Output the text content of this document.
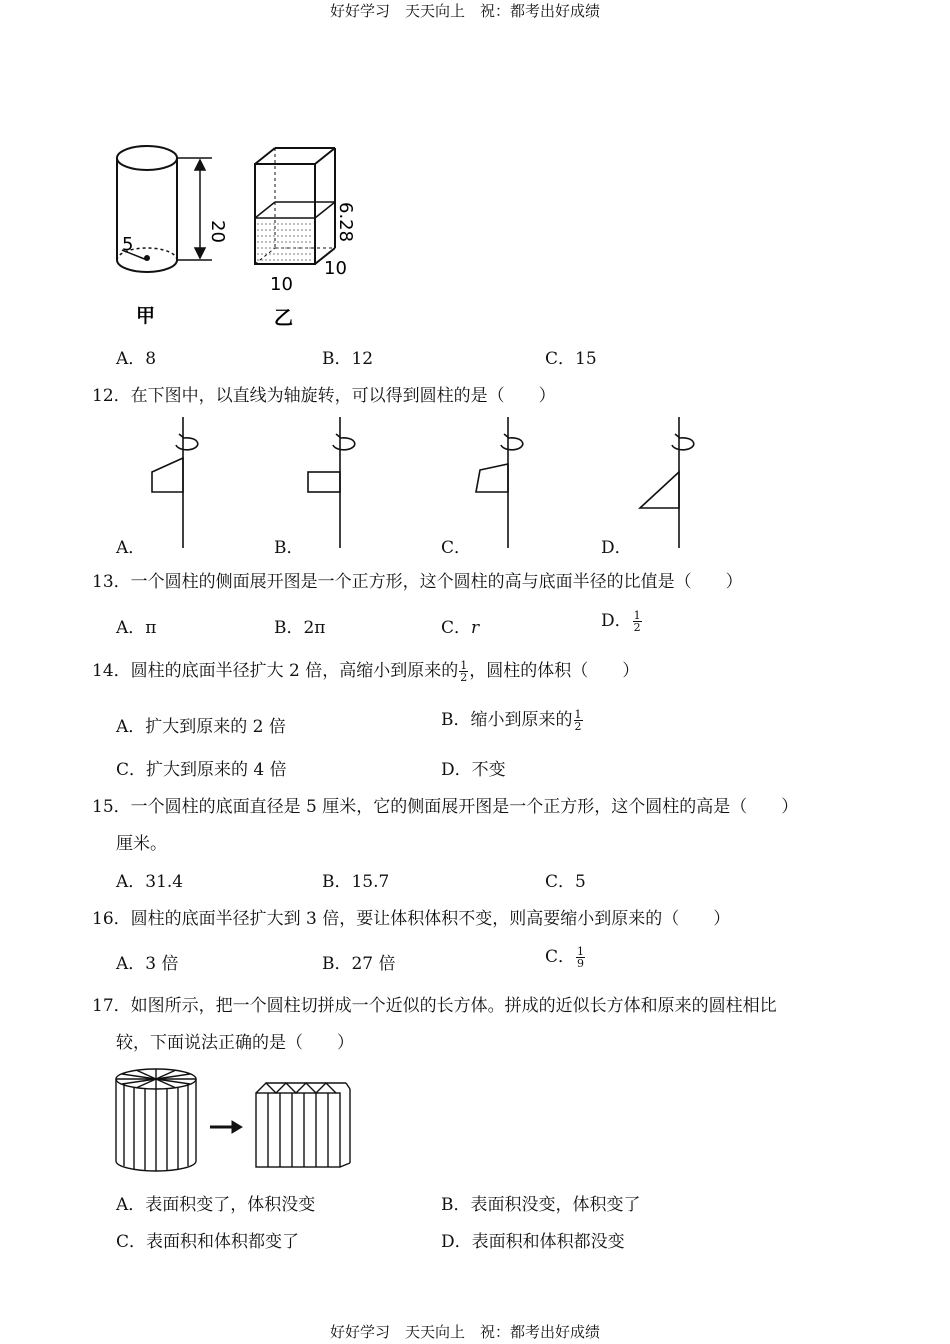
好好学习　天天向上　祝：都考出好成绩
好好学习　天天向上　祝：都考出好成绩
5
20	6.28
10
10
甲	乙
A．8	B．12	C．15
12．在下图中，以直线为轴旋转，可以得到圆柱的是（　　）
A．	B．	C．	D．
13．一个圆柱的侧面展开图是一个正方形，这个圆柱的高与底面半径的比值是（　　）
A．π	B．2π	C．r	D． $\frac{1}{2}$
14．圆柱的底面半径扩大 2 倍，高缩小到原来的 $\frac{1}{2}$ ，圆柱的体积（　　）
A．扩大到原来的 2 倍	B．缩小到原来的 $\frac{1}{2}$
C．扩大到原来的 4 倍	D．不变
15．一个圆柱的底面直径是 5 厘米，它的侧面展开图是一个正方形，这个圆柱的高是（　　）
厘米。
A．31.4	B．15.7	C．5
16．圆柱的底面半径扩大到 3 倍，要让体积体积不变，则高要缩小到原来的（　　）
A．3 倍	B．27 倍	C． $\frac{1}{9}$
17．如图所示，把一个圆柱切拼成一个近似的长方体。拼成的近似长方体和原来的圆柱相比
较，下面说法正确的是（　　）
A．表面积变了，体积没变	B．表面积没变，体积变了
C．表面积和体积都变了	D．表面积和体积都没变
